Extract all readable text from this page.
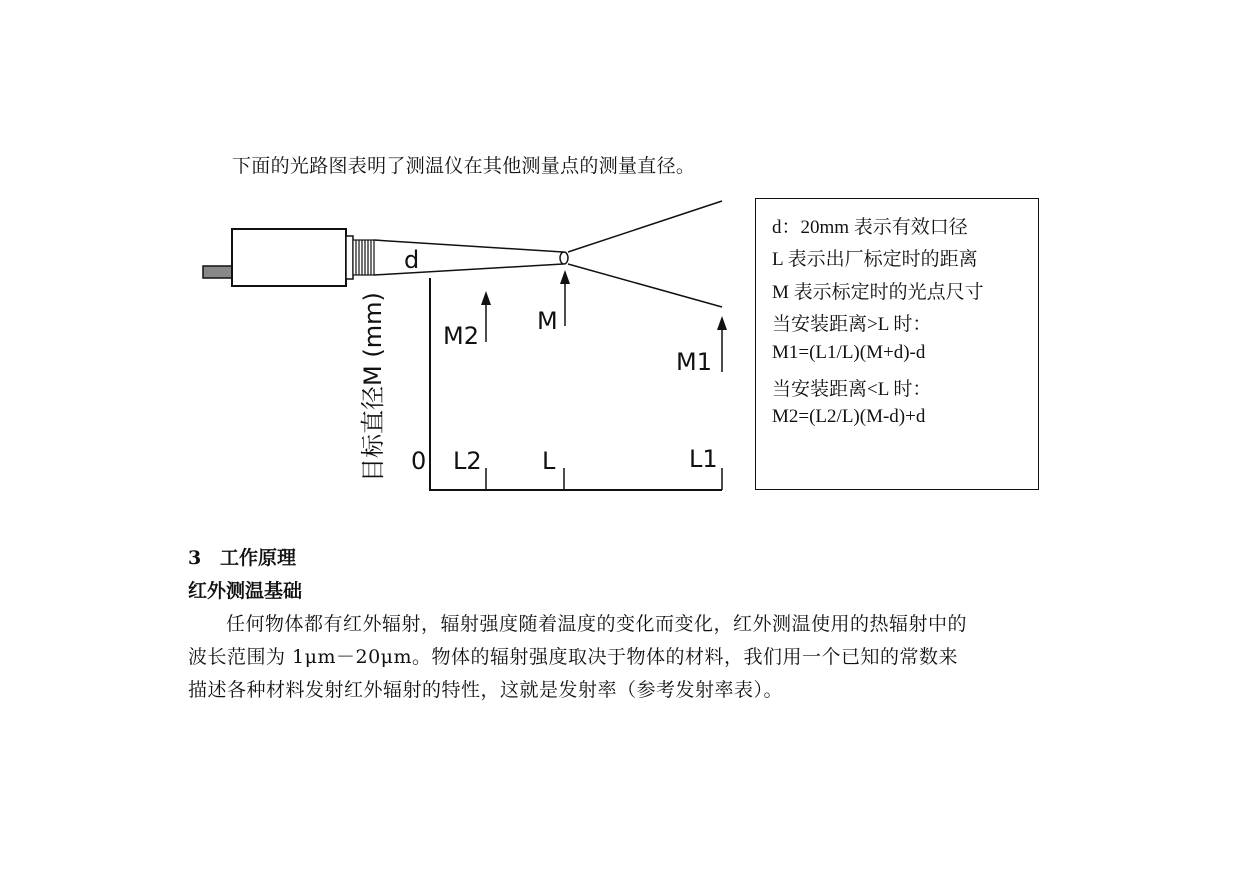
下面的光路图表明了测温仪在其他测量点的测量直径。
d
M2
M
M1
0 L2	L	L1
目标直径M (mm)
d：20mm 表示有效口径
L 表示出厂标定时的距离
M 表示标定时的光点尺寸
当安装距离>L 时：
M1=(L1/L)(M+d)-d
当安装距离<L 时：
M2=(L2/L)(M-d)+d
3 工作原理
红外测温基础
任何物体都有红外辐射，辐射强度随着温度的变化而变化，红外测温使用的热辐射中的
波长范围为 1μm－20μm。物体的辐射强度取决于物体的材料，我们用一个已知的常数来
描述各种材料发射红外辐射的特性，这就是发射率（参考发射率表）。
